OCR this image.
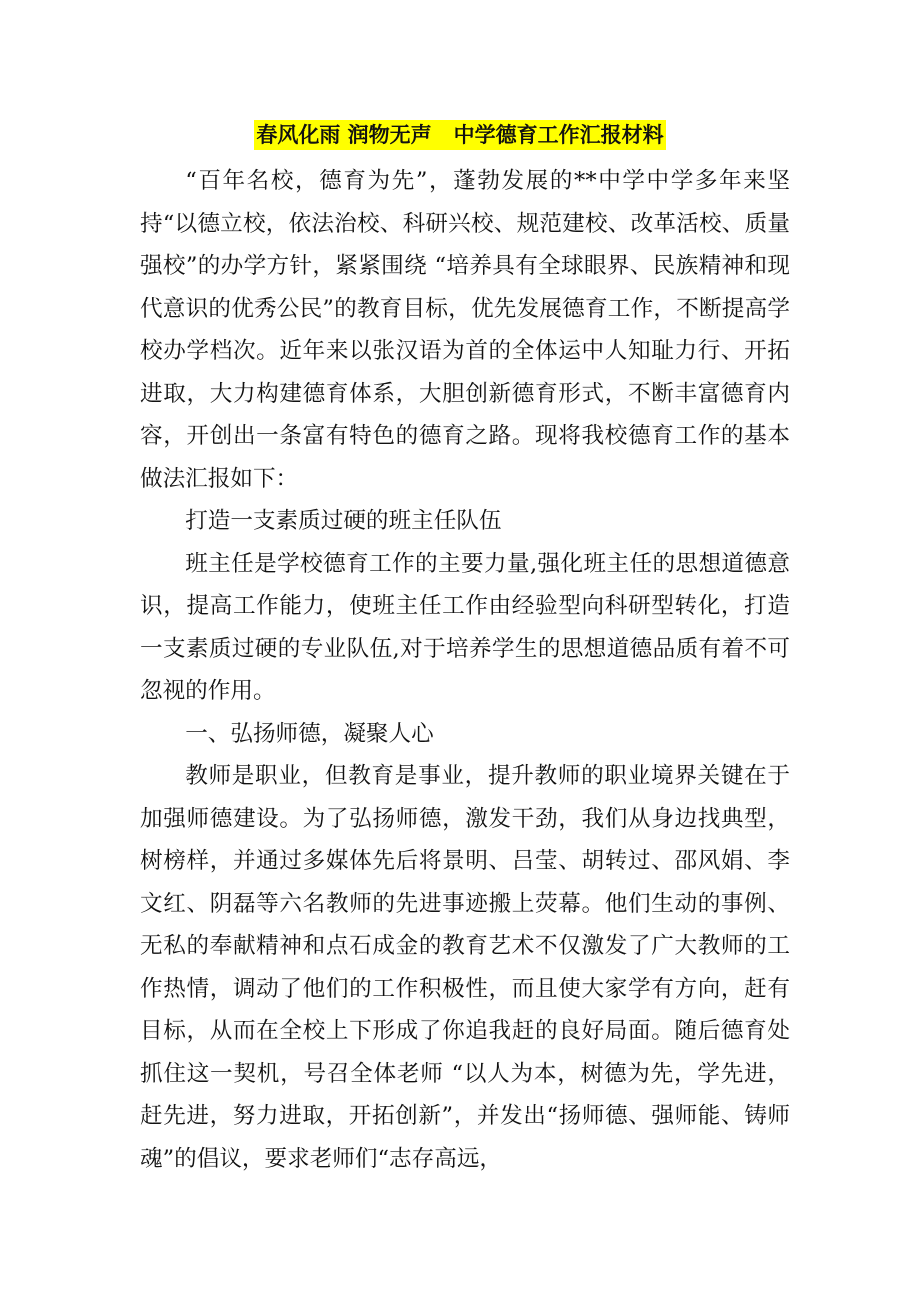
春风化雨 润物无声   中学德育工作汇报材料

“百年名校，德育为先”，蓬勃发展的**中学中学多年来坚持“以德立校，依法治校、科研兴校、规范建校、改革活校、质量强校”的办学方针，紧紧围绕 “培养具有全球眼界、民族精神和现代意识的优秀公民”的教育目标，优先发展德育工作，不断提高学校办学档次。近年来以张汉语为首的全体运中人知耻力行、开拓进取，大力构建德育体系，大胆创新德育形式，不断丰富德育内容，开创出一条富有特色的德育之路。现将我校德育工作的基本做法汇报如下：

打造一支素质过硬的班主任队伍

班主任是学校德育工作的主要力量,强化班主任的思想道德意识，提高工作能力，使班主任工作由经验型向科研型转化，打造一支素质过硬的专业队伍,对于培养学生的思想道德品质有着不可忽视的作用。

一、弘扬师德，凝聚人心

教师是职业，但教育是事业，提升教师的职业境界关键在于加强师德建设。为了弘扬师德，激发干劲，我们从身边找典型，树榜样，并通过多媒体先后将景明、吕莹、胡转过、邵风娟、李文红、阴磊等六名教师的先进事迹搬上荧幕。他们生动的事例、无私的奉献精神和点石成金的教育艺术不仅激发了广大教师的工作热情，调动了他们的工作积极性，而且使大家学有方向，赶有目标，从而在全校上下形成了你追我赶的良好局面。随后德育处抓住这一契机，号召全体老师 “以人为本，树德为先，学先进，赶先进，努力进取，开拓创新”，并发出“扬师德、强师能、铸师魂”的倡议，要求老师们“志存高远，
